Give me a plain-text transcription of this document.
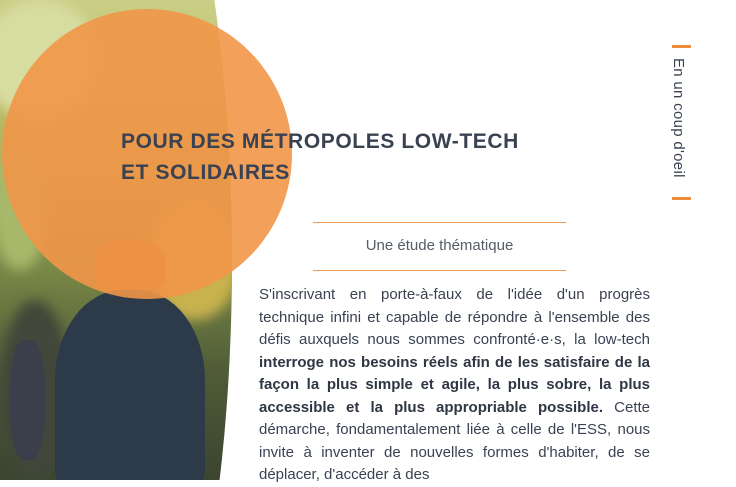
POUR DES MÉTROPOLES LOW-TECH
ET SOLIDAIRES
Une étude thématique

S'inscrivant en porte-à-faux de l'idée d'un progrès technique infini et capable de répondre à l'ensemble des défis auxquels nous sommes confronté·e·s, la low-tech interroge nos besoins réels afin de les satisfaire de la façon la plus simple et agile, la plus sobre, la plus accessible et la plus appropriable possible. Cette démarche, fondamentalement liée à celle de l'ESS, nous invite à inventer de nouvelles formes d'habiter, de se déplacer, d'accéder à des

En un coup d'oeil
